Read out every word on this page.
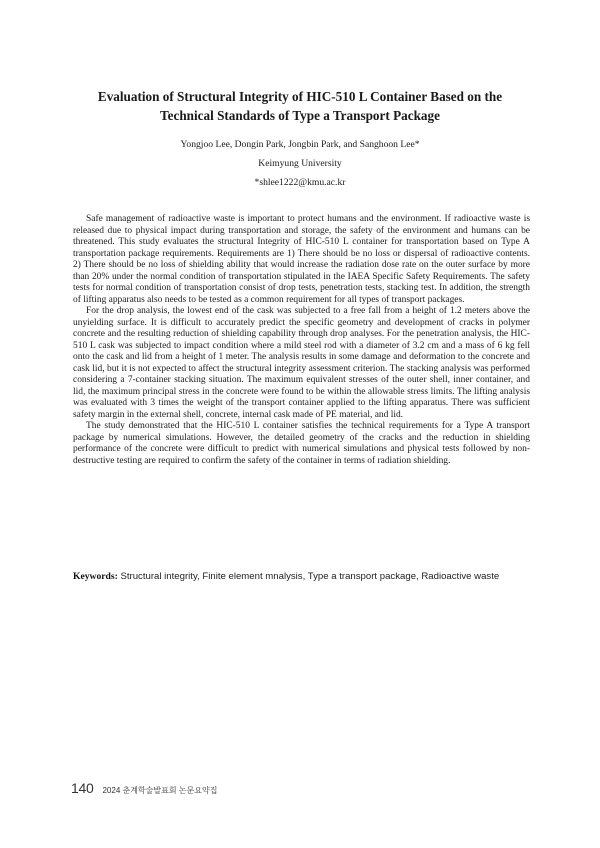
Evaluation of Structural Integrity of HIC-510 L Container Based on the
Technical Standards of Type a Transport Package

Yongjoo Lee, Dongin Park, Jongbin Park, and Sanghoon Lee*

Keimyung University

*shlee1222@kmu.ac.kr

Safe management of radioactive waste is important to protect humans and the environment. If radioactive waste is released due to physical impact during transportation and storage, the safety of the environment and humans can be threatened. This study evaluates the structural Integrity of HIC-510 L container for transportation based on Type A transportation package requirements. Requirements are 1) There should be no loss or dispersal of radioactive contents. 2) There should be no loss of shielding ability that would increase the radiation dose rate on the outer surface by more than 20% under the normal condition of transportation stipulated in the IAEA Specific Safety Requirements. The safety tests for normal condition of transportation consist of drop tests, penetration tests, stacking test. In addition, the strength of lifting apparatus also needs to be tested as a common requirement for all types of transport packages.

For the drop analysis, the lowest end of the cask was subjected to a free fall from a height of 1.2 meters above the unyielding surface. It is difficult to accurately predict the specific geometry and development of cracks in polymer concrete and the resulting reduction of shielding capability through drop analyses. For the penetration analysis, the HIC-510 L cask was subjected to impact condition where a mild steel rod with a diameter of 3.2 cm and a mass of 6 kg fell onto the cask and lid from a height of 1 meter. The analysis results in some damage and deformation to the concrete and cask lid, but it is not expected to affect the structural integrity assessment criterion. The stacking analysis was performed considering a 7-container stacking situation. The maximum equivalent stresses of the outer shell, inner container, and lid, the maximum principal stress in the concrete were found to be within the allowable stress limits. The lifting analysis was evaluated with 3 times the weight of the transport container applied to the lifting apparatus. There was sufficient safety margin in the external shell, concrete, internal cask made of PE material, and lid.

The study demonstrated that the HIC-510 L container satisfies the technical requirements for a Type A transport package by numerical simulations. However, the detailed geometry of the cracks and the reduction in shielding performance of the concrete were difficult to predict with numerical simulations and physical tests followed by non-destructive testing are required to confirm the safety of the container in terms of radiation shielding.

Keywords: Structural integrity, Finite element mnalysis, Type a transport package, Radioactive waste

140 2024 춘계학술발표회 논문요약집
